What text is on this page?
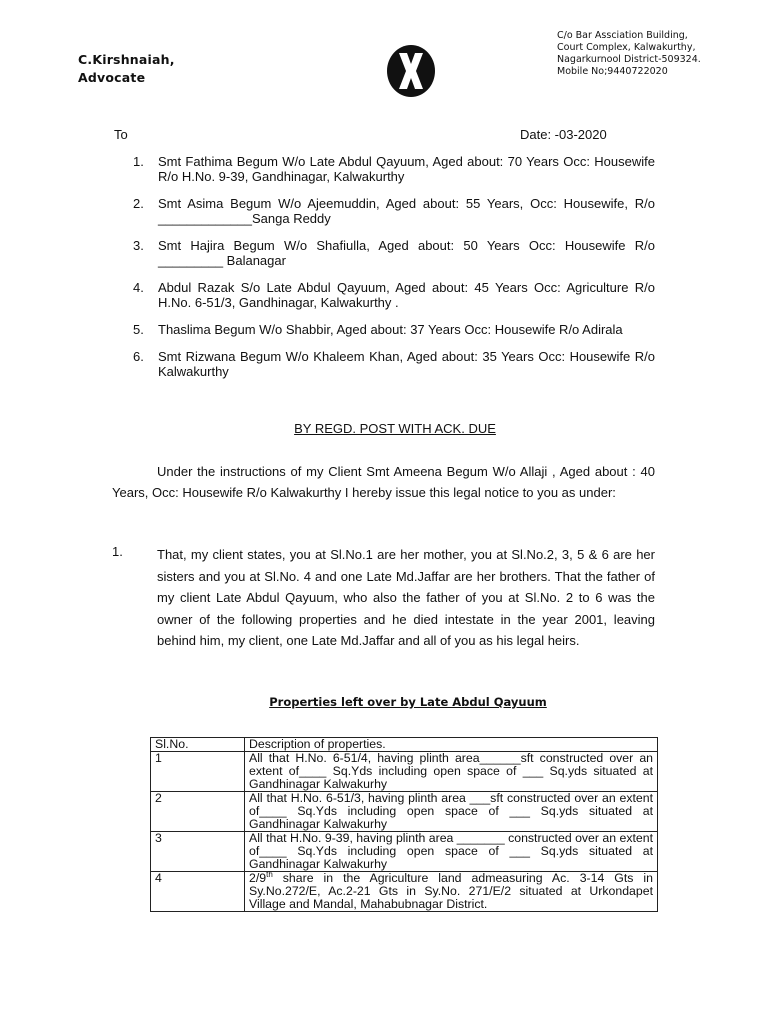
C.Kirshnaiah,
Advocate
C/o Bar Assciation Building,
Court Complex, Kalwakurthy,
Nagarkurnool District-509324.
Mobile No;9440722020
To	Date: -03-2020
1.	Smt Fathima Begum W/o Late Abdul Qayuum, Aged about: 70 Years Occ: Housewife R/o H.No. 9-39, Gandhinagar, Kalwakurthy
2.	Smt Asima Begum W/o Ajeemuddin, Aged about: 55 Years, Occ: Housewife, R/o _____________Sanga Reddy
3.	Smt Hajira Begum W/o Shafiulla, Aged about: 50 Years Occ: Housewife R/o _________ Balanagar
4.	Abdul Razak S/o Late Abdul Qayuum, Aged about: 45 Years Occ: Agriculture R/o H.No. 6-51/3, Gandhinagar, Kalwakurthy .
5.	Thaslima Begum W/o Shabbir, Aged about: 37 Years Occ: Housewife R/o Adirala
6.	Smt Rizwana Begum W/o Khaleem Khan, Aged about: 35 Years Occ: Housewife R/o Kalwakurthy
BY REGD. POST WITH ACK. DUE
Under the instructions of my Client Smt Ameena Begum W/o Allaji , Aged about : 40 Years, Occ: Housewife R/o Kalwakurthy I hereby issue this legal notice to you as under:
1.	That, my client states, you at Sl.No.1 are her mother, you at Sl.No.2, 3, 5 & 6 are her sisters and you at Sl.No. 4 and one Late Md.Jaffar are her brothers. That the father of my client Late Abdul Qayuum, who also the father of you at Sl.No. 2 to 6 was the owner of the following properties and he died intestate in the year 2001, leaving behind him, my client, one Late Md.Jaffar and all of you as his legal heirs.
Properties left over by Late Abdul Qayuum
Sl.No.	Description of properties.
1	All that H.No. 6-51/4, having plinth area______sft constructed over an extent of____ Sq.Yds including open space of ___ Sq.yds situated at Gandhinagar Kalwakurhy
2	All that H.No. 6-51/3, having plinth area ___sft constructed over an extent of____ Sq.Yds including open space of ___ Sq.yds situated at Gandhinagar Kalwakurhy
3	All that H.No. 9-39, having plinth area _______ constructed over an extent of____ Sq.Yds including open space of ___ Sq.yds situated at Gandhinagar Kalwakurhy
4	2/9th share in the Agriculture land admeasuring Ac. 3-14 Gts in Sy.No.272/E, Ac.2-21 Gts in Sy.No. 271/E/2 situated at Urkondapet Village and Mandal, Mahabubnagar District.
